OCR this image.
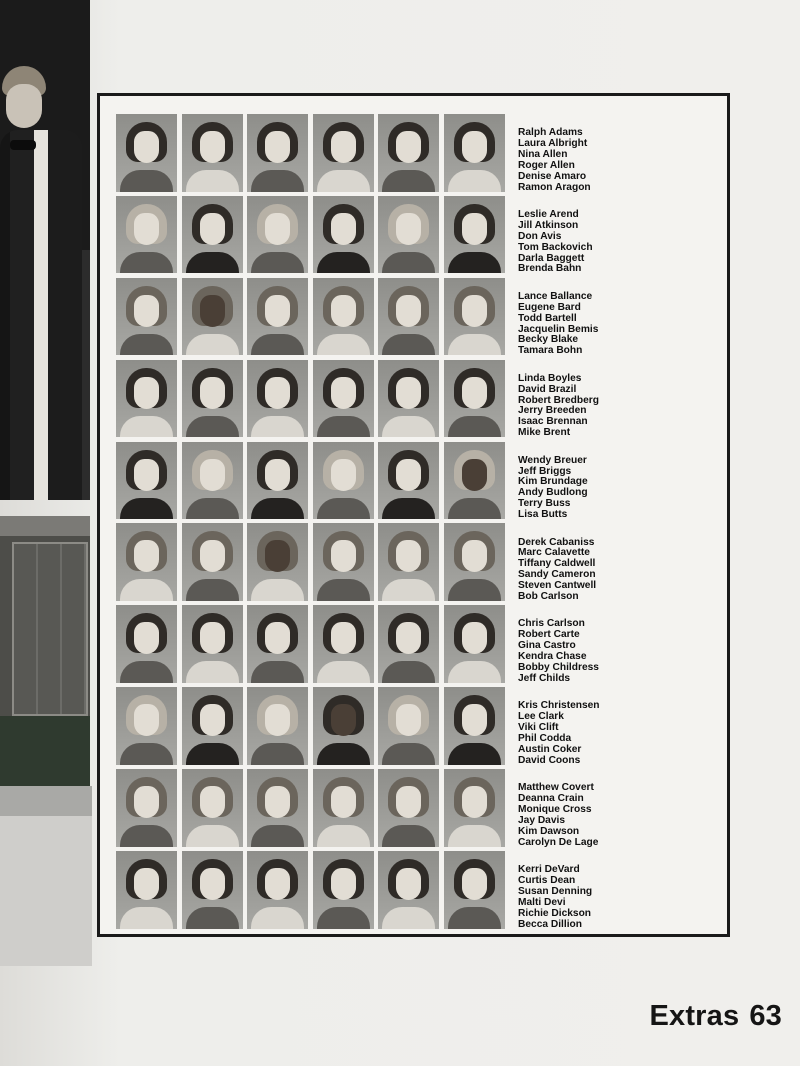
Ralph Adams
Laura Albright
Nina Allen
Roger Allen
Denise Amaro
Ramon Aragon
Leslie Arend
Jill Atkinson
Don Avis
Tom Backovich
Darla Baggett
Brenda Bahn
Lance Ballance
Eugene Bard
Todd Bartell
Jacquelin Bemis
Becky Blake
Tamara Bohn
Linda Boyles
David Brazil
Robert Bredberg
Jerry Breeden
Isaac Brennan
Mike Brent
Wendy Breuer
Jeff Briggs
Kim Brundage
Andy Budlong
Terry Buss
Lisa Butts
Derek Cabaniss
Marc Calavette
Tiffany Caldwell
Sandy Cameron
Steven Cantwell
Bob Carlson
Chris Carlson
Robert Carte
Gina Castro
Kendra Chase
Bobby Childress
Jeff Childs
Kris Christensen
Lee Clark
Viki Clift
Phil Codda
Austin Coker
David Coons
Matthew Covert
Deanna Crain
Monique Cross
Jay Davis
Kim Dawson
Carolyn De Lage
Kerri DeVard
Curtis Dean
Susan Denning
Malti Devi
Richie Dickson
Becca Dillion
Extras 63
